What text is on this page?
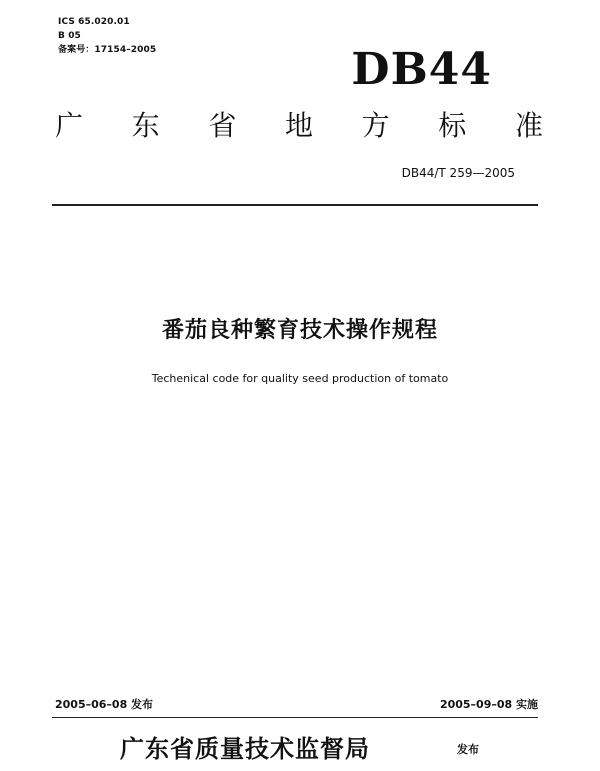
ICS 65.020.01
B 05
备案号：17154–2005	DB44
广 东 省 地 方 标 准
DB44/T 259—2005
番茄良种繁育技术操作规程
Techenical code for quality seed production of tomato
2005–06–08 发布	2005–09–08 实施
广东省质量技术监督局	发布
